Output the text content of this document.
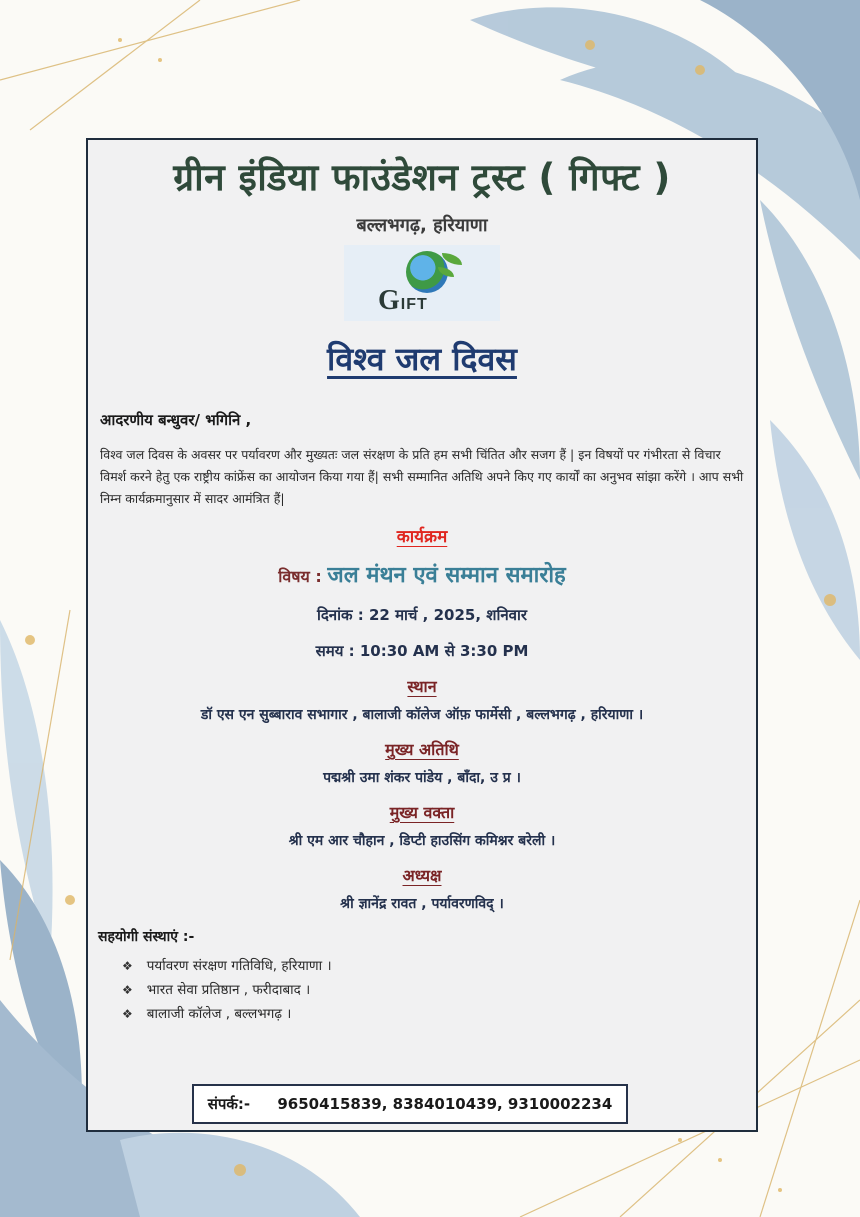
ग्रीन इंडिया फाउंडेशन ट्रस्ट ( गिफ्ट )
बल्लभगढ़, हरियाणा
GIFT
विश्व जल दिवस
आदरणीय बन्धुवर/ भगिनि ,
विश्व जल दिवस के अवसर पर पर्यावरण और मुख्यतः जल संरक्षण के प्रति हम सभी चिंतित और सजग हैं | इन विषयों पर गंभीरता से विचार विमर्श करने हेतु एक राष्ट्रीय कांफ्रेंस का आयोजन किया गया हैं| सभी सम्मानित अतिथि अपने किए गए कार्यों का अनुभव सांझा करेंगे । आप सभी निम्न कार्यक्रमानुसार में सादर आमंत्रित हैं|
कार्यक्रम
विषय : जल मंथन एवं सम्मान समारोह
दिनांक : 22 मार्च , 2025, शनिवार
समय : 10:30 AM से 3:30 PM
स्थान
डॉ एस एन सुब्बाराव सभागार , बालाजी कॉलेज ऑफ़ फार्मेसी , बल्लभगढ़ , हरियाणा ।
मुख्य अतिथि
पद्मश्री उमा शंकर पांडेय , बाँदा, उ प्र ।
मुख्य वक्ता
श्री एम आर चौहान , डिप्टी हाउसिंग कमिश्नर बरेली ।
अध्यक्ष
श्री ज्ञानेंद्र रावत , पर्यावरणविद् ।
सहयोगी संस्थाएं :-
❖ पर्यावरण संरक्षण गतिविधि, हरियाणा ।
❖ भारत सेवा प्रतिष्ठान , फरीदाबाद ।
❖ बालाजी कॉलेज , बल्लभगढ़ ।
संपर्क:- 9650415839, 8384010439, 9310002234
